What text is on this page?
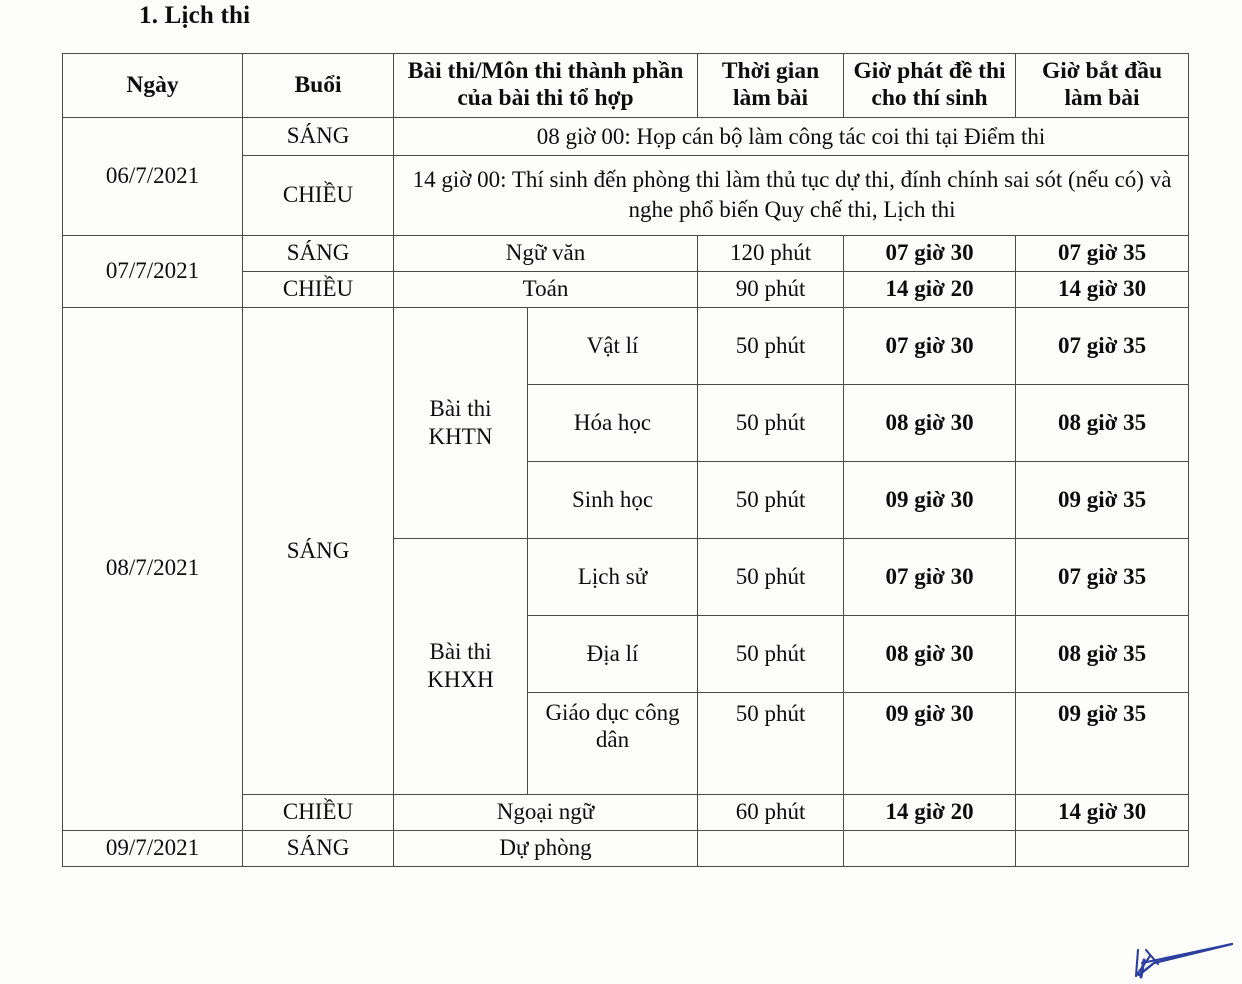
1. Lịch thi
Ngày	Buổi	Bài thi/Môn thi thành phần của bài thi tổ hợp		Thời gian làm bài	Giờ phát đề thi cho thí sinh	Giờ bắt đầu làm bài
06/7/2021	SÁNG	08 giờ 00: Họp cán bộ làm công tác coi thi tại Điểm thi				
	CHIỀU	14 giờ 00: Thí sinh đến phòng thi làm thủ tục dự thi, đính chính sai sót (nếu có) và nghe phổ biến Quy chế thi, Lịch thi				
07/7/2021	SÁNG	Ngữ văn		120 phút	07 giờ 30	07 giờ 35
	CHIỀU	Toán		90 phút	14 giờ 20	14 giờ 30
08/7/2021	SÁNG	Bài thi KHTN	Vật lí	50 phút	07 giờ 30	07 giờ 35
			Hóa học	50 phút	08 giờ 30	08 giờ 35
			Sinh học	50 phút	09 giờ 30	09 giờ 35
		Bài thi KHXH	Lịch sử	50 phút	07 giờ 30	07 giờ 35
			Địa lí	50 phút	08 giờ 30	08 giờ 35
			Giáo dục công dân	50 phút	09 giờ 30	09 giờ 35
	CHIỀU	Ngoại ngữ		60 phút	14 giờ 20	14 giờ 30
09/7/2021	SÁNG	Dự phòng				
